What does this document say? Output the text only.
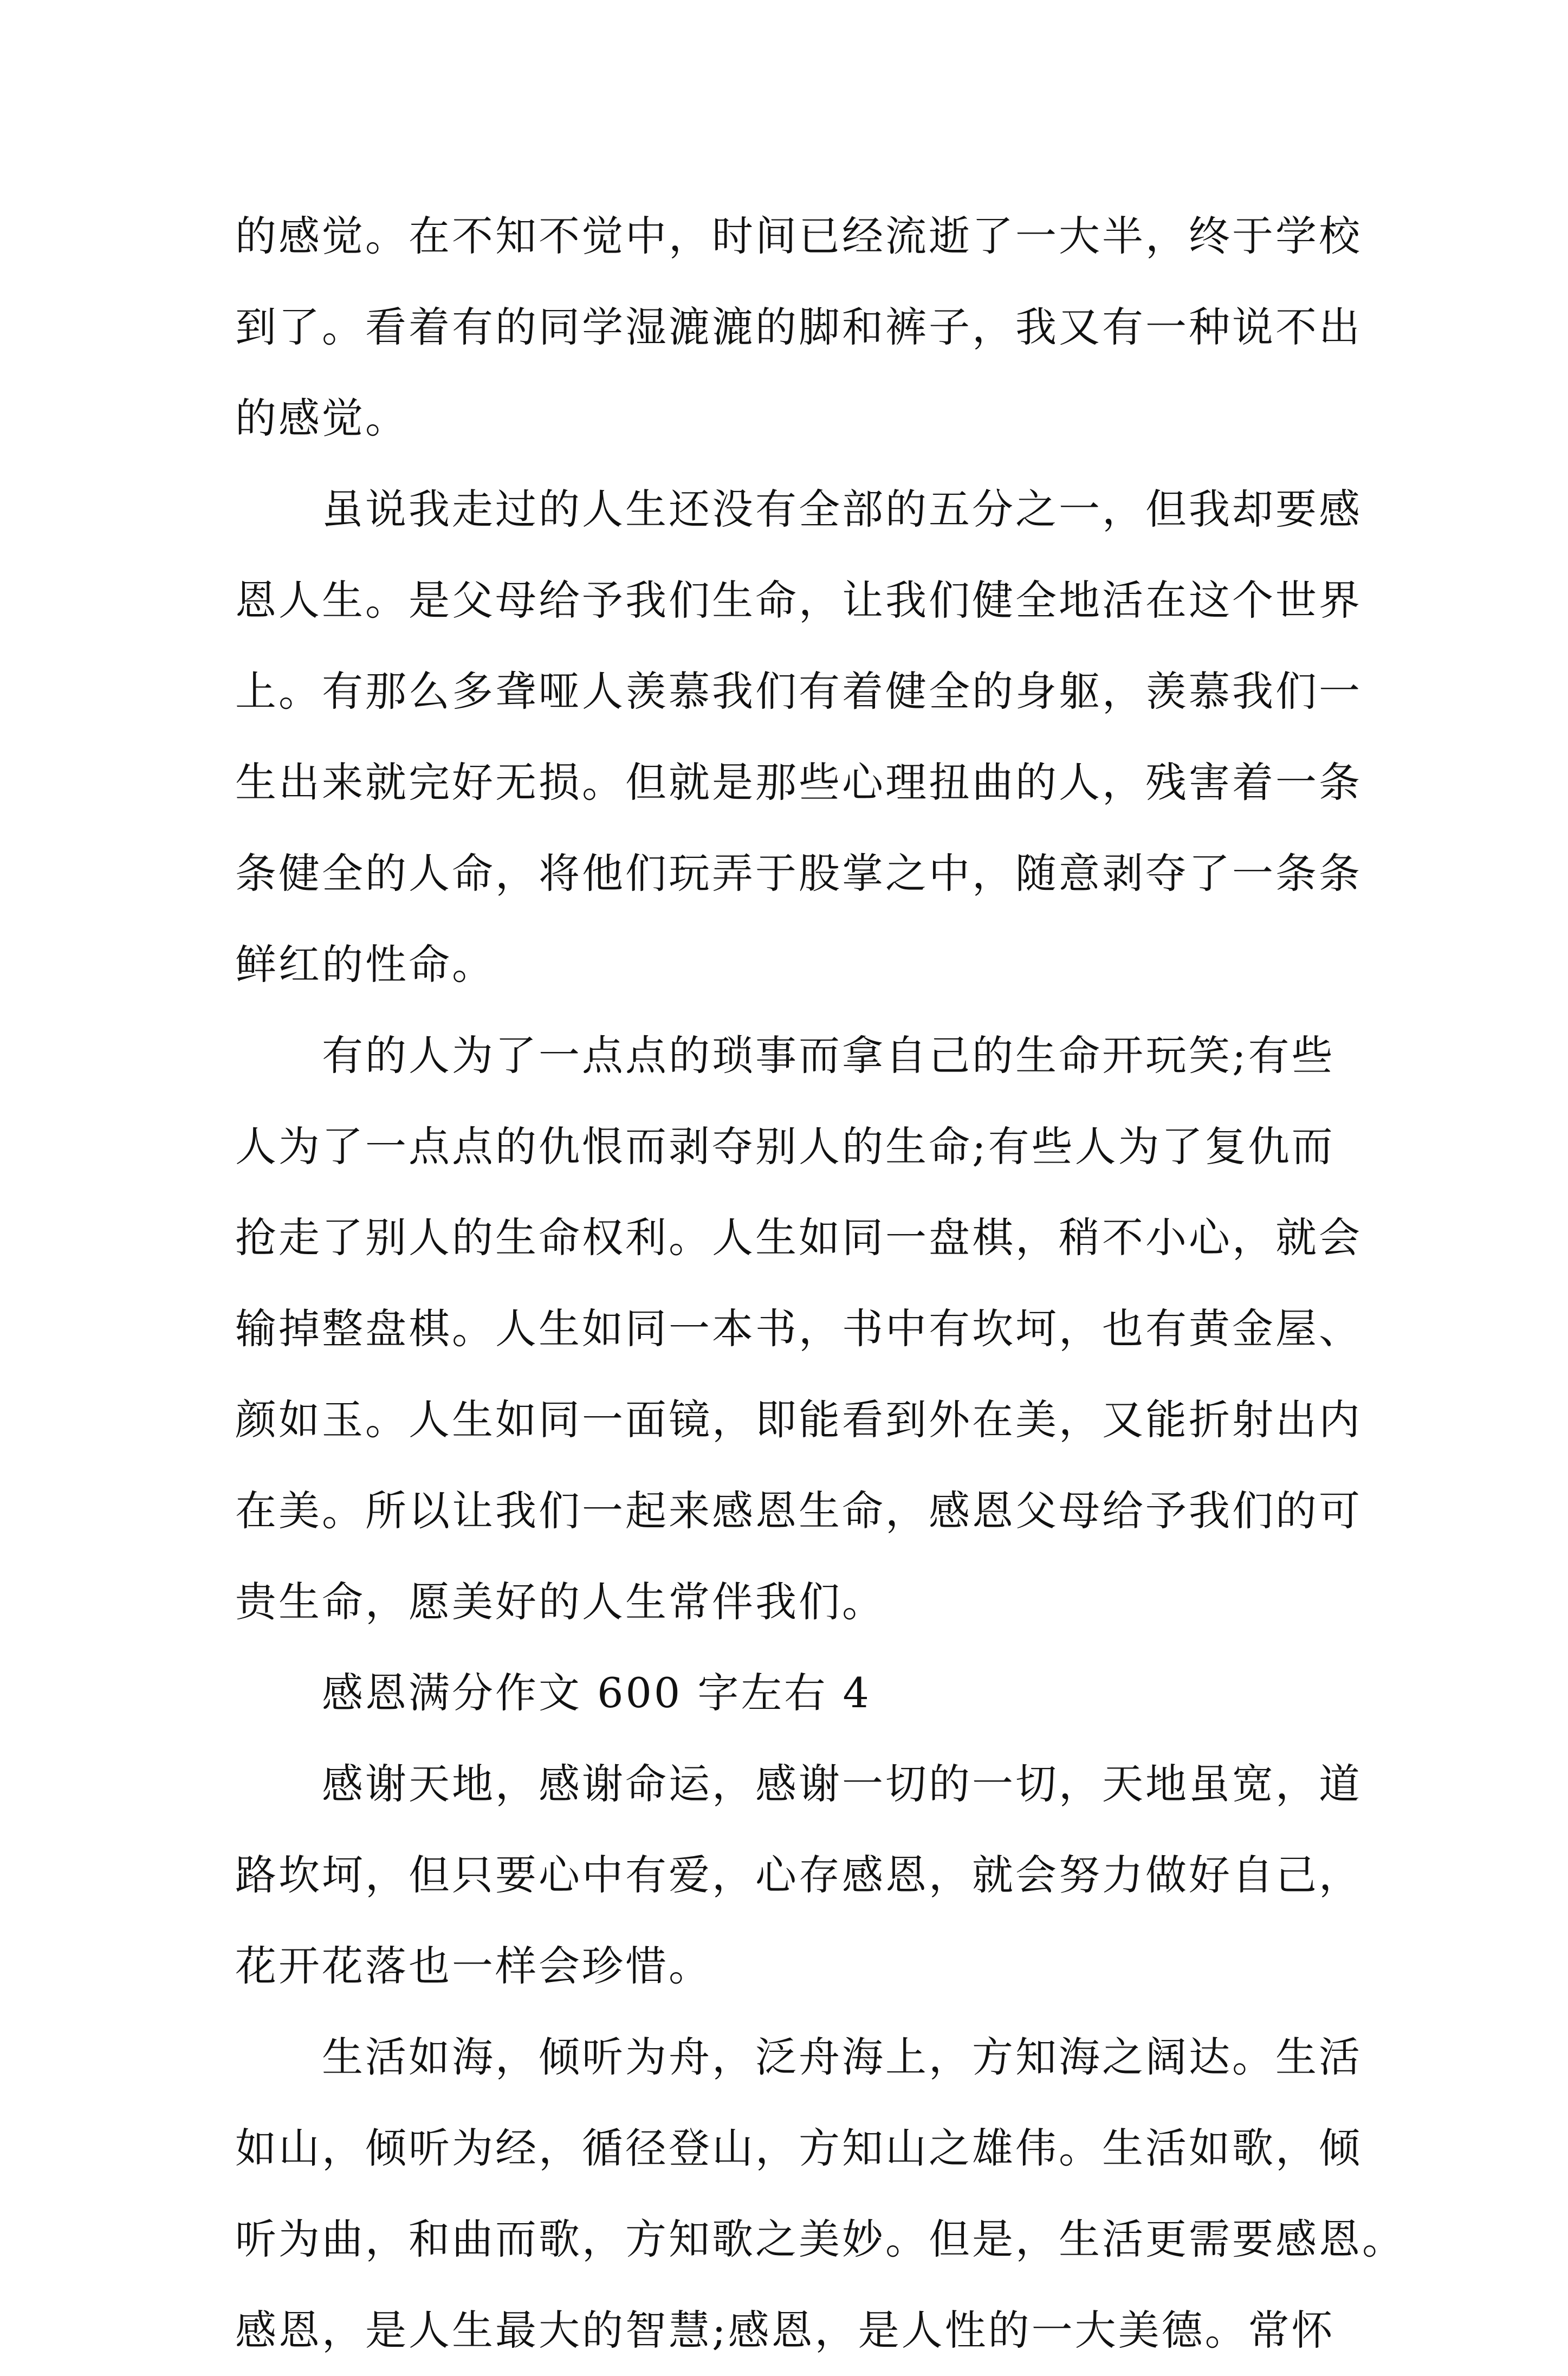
的感觉。在不知不觉中，时间已经流逝了一大半，终于学校
到了。看着有的同学湿漉漉的脚和裤子，我又有一种说不出
的感觉。
虽说我走过的人生还没有全部的五分之一，但我却要感
恩人生。是父母给予我们生命，让我们健全地活在这个世界
上。有那么多聋哑人羡慕我们有着健全的身躯，羡慕我们一
生出来就完好无损。但就是那些心理扭曲的人，残害着一条
条健全的人命，将他们玩弄于股掌之中，随意剥夺了一条条
鲜红的性命。
有的人为了一点点的琐事而拿自己的生命开玩笑;有些
人为了一点点的仇恨而剥夺别人的生命;有些人为了复仇而
抢走了别人的生命权利。人生如同一盘棋，稍不小心，就会
输掉整盘棋。人生如同一本书，书中有坎坷，也有黄金屋、
颜如玉。人生如同一面镜，即能看到外在美，又能折射出内
在美。所以让我们一起来感恩生命，感恩父母给予我们的可
贵生命，愿美好的人生常伴我们。
感恩满分作文 600 字左右 4
感谢天地，感谢命运，感谢一切的一切，天地虽宽，道
路坎坷，但只要心中有爱，心存感恩，就会努力做好自己，
花开花落也一样会珍惜。
生活如海，倾听为舟，泛舟海上，方知海之阔达。生活
如山，倾听为经，循径登山，方知山之雄伟。生活如歌，倾
听为曲，和曲而歌，方知歌之美妙。但是，生活更需要感恩。
感恩，是人生最大的智慧;感恩，是人性的一大美德。常怀
